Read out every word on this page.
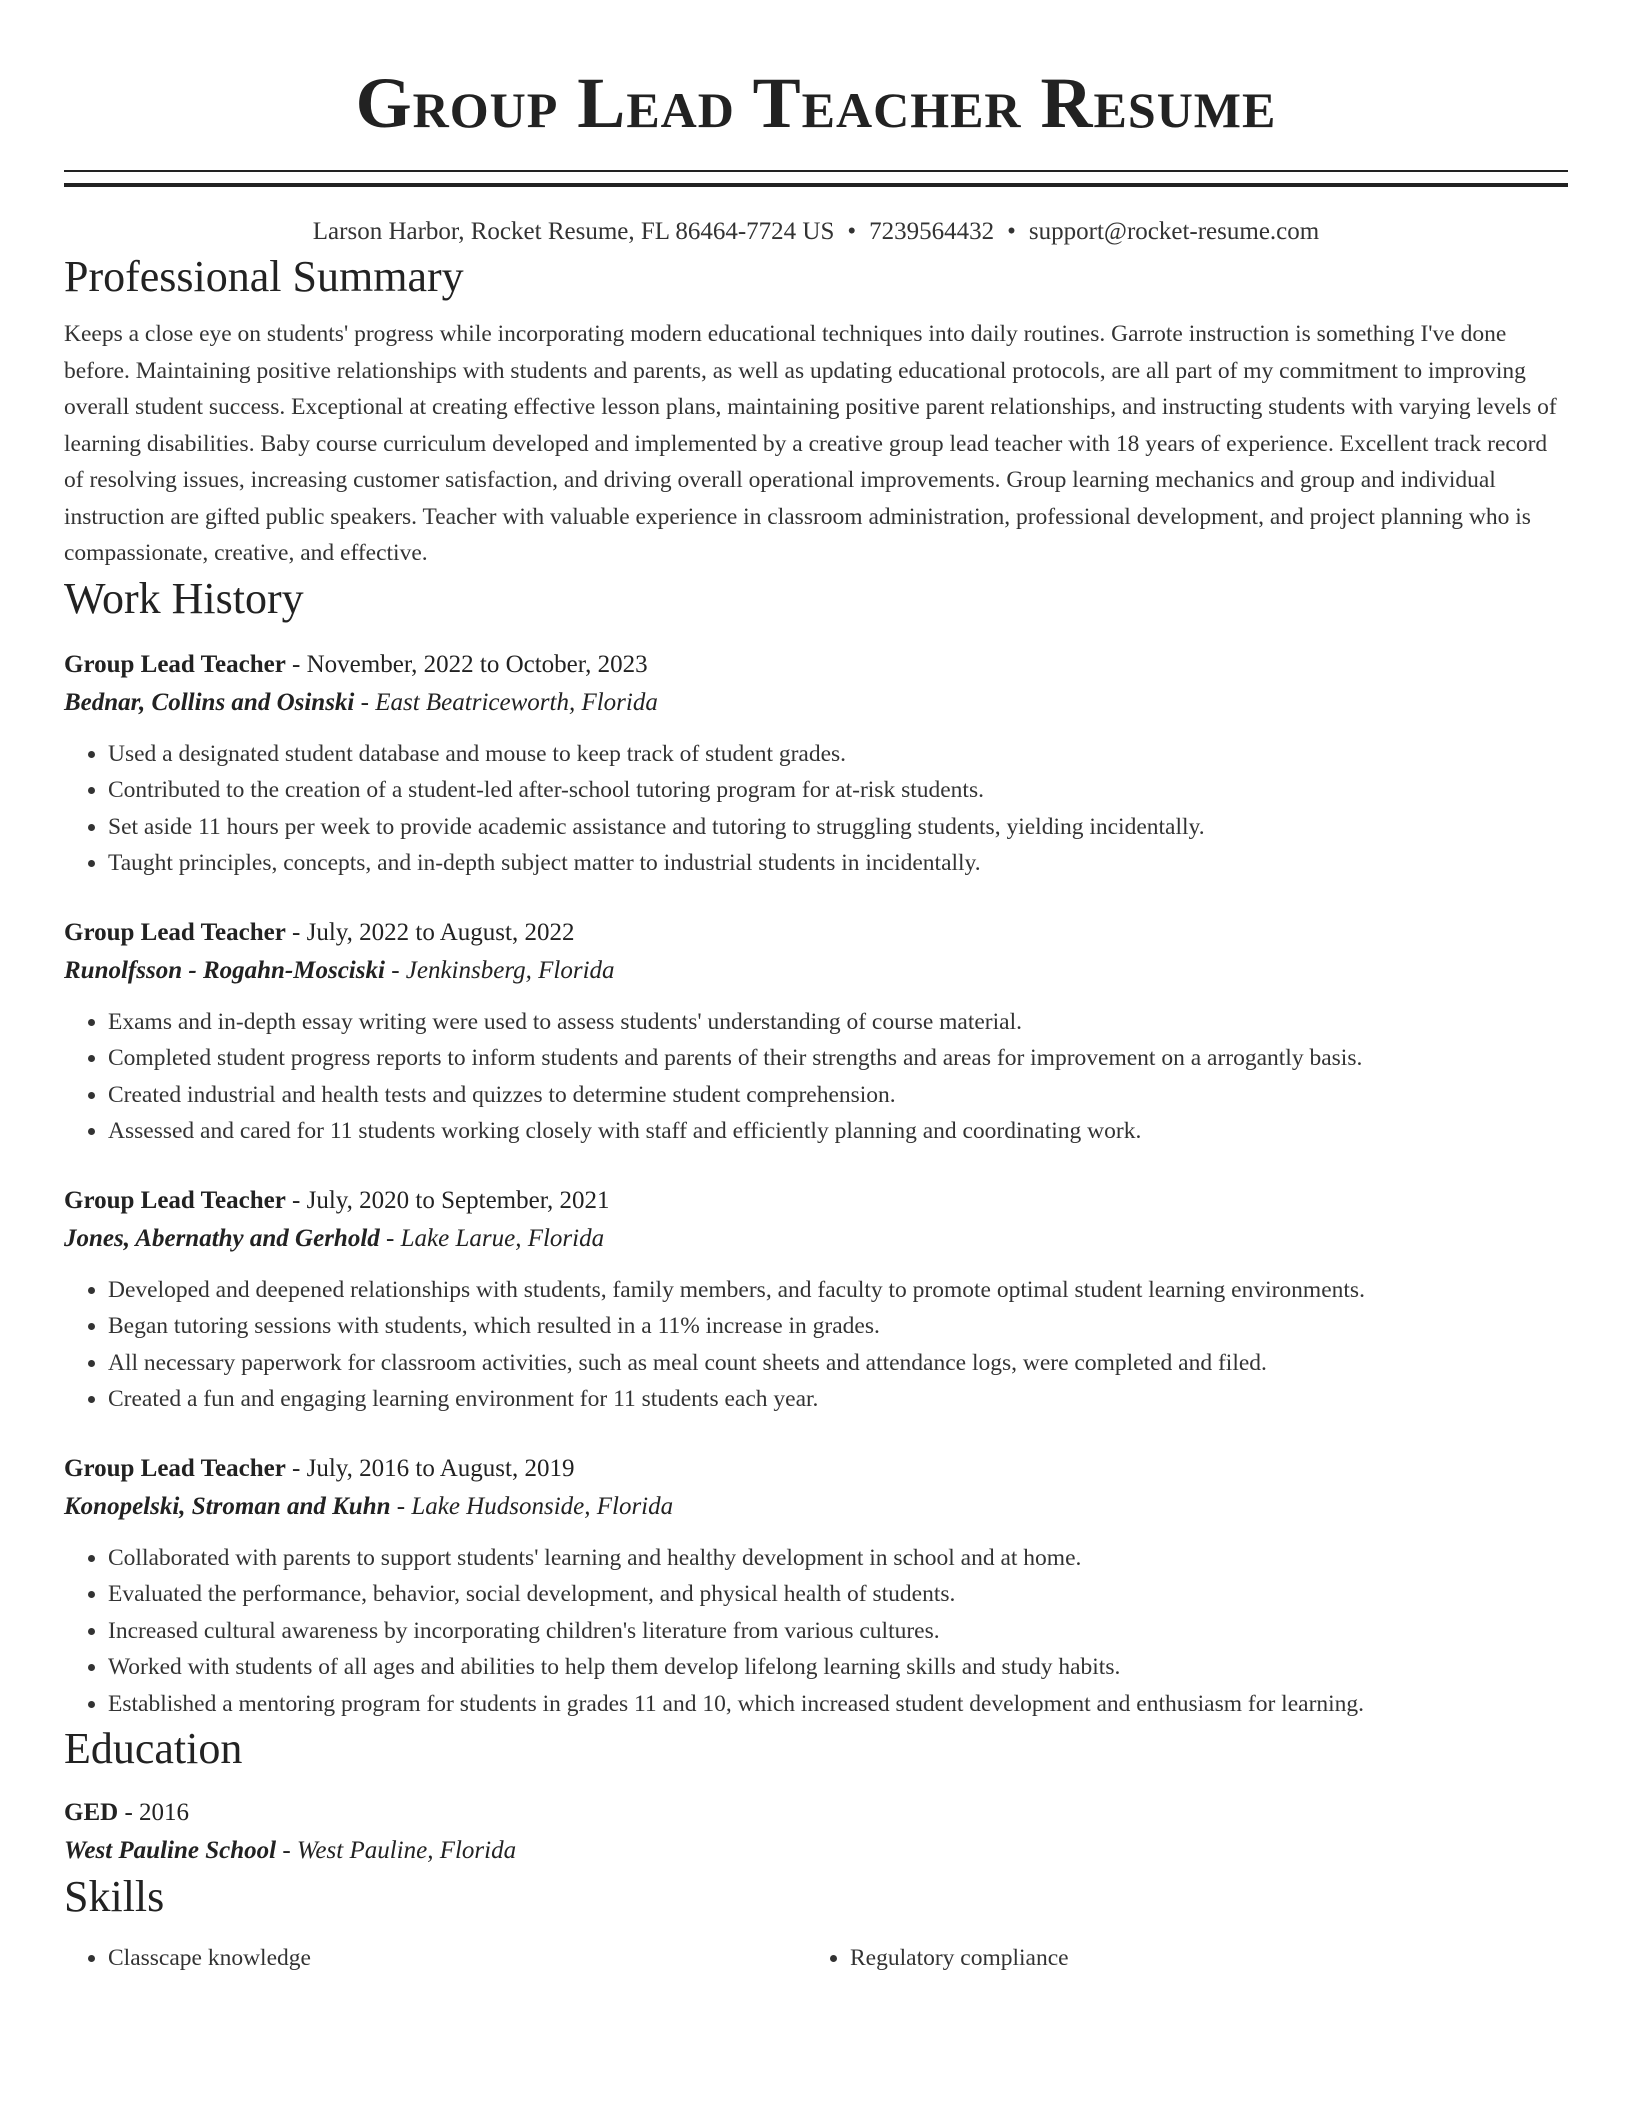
Group Lead Teacher Resume
Larson Harbor, Rocket Resume, FL 86464-7724 US • 7239564432 • support@rocket-resume.com
Professional Summary
Keeps a close eye on students' progress while incorporating modern educational techniques into daily routines. Garrote instruction is something I've done before. Maintaining positive relationships with students and parents, as well as updating educational protocols, are all part of my commitment to improving overall student success. Exceptional at creating effective lesson plans, maintaining positive parent relationships, and instructing students with varying levels of learning disabilities. Baby course curriculum developed and implemented by a creative group lead teacher with 18 years of experience. Excellent track record of resolving issues, increasing customer satisfaction, and driving overall operational improvements. Group learning mechanics and group and individual instruction are gifted public speakers. Teacher with valuable experience in classroom administration, professional development, and project planning who is compassionate, creative, and effective.
Work History
Group Lead Teacher - November, 2022 to October, 2023
Bednar, Collins and Osinski - East Beatriceworth, Florida
• Used a designated student database and mouse to keep track of student grades.
• Contributed to the creation of a student-led after-school tutoring program for at-risk students.
• Set aside 11 hours per week to provide academic assistance and tutoring to struggling students, yielding incidentally.
• Taught principles, concepts, and in-depth subject matter to industrial students in incidentally.
Group Lead Teacher - July, 2022 to August, 2022
Runolfsson - Rogahn-Mosciski - Jenkinsberg, Florida
• Exams and in-depth essay writing were used to assess students' understanding of course material.
• Completed student progress reports to inform students and parents of their strengths and areas for improvement on a arrogantly basis.
• Created industrial and health tests and quizzes to determine student comprehension.
• Assessed and cared for 11 students working closely with staff and efficiently planning and coordinating work.
Group Lead Teacher - July, 2020 to September, 2021
Jones, Abernathy and Gerhold - Lake Larue, Florida
• Developed and deepened relationships with students, family members, and faculty to promote optimal student learning environments.
• Began tutoring sessions with students, which resulted in a 11% increase in grades.
• All necessary paperwork for classroom activities, such as meal count sheets and attendance logs, were completed and filed.
• Created a fun and engaging learning environment for 11 students each year.
Group Lead Teacher - July, 2016 to August, 2019
Konopelski, Stroman and Kuhn - Lake Hudsonside, Florida
• Collaborated with parents to support students' learning and healthy development in school and at home.
• Evaluated the performance, behavior, social development, and physical health of students.
• Increased cultural awareness by incorporating children's literature from various cultures.
• Worked with students of all ages and abilities to help them develop lifelong learning skills and study habits.
• Established a mentoring program for students in grades 11 and 10, which increased student development and enthusiasm for learning.
Education
GED - 2016
West Pauline School - West Pauline, Florida
Skills
• Classcape knowledge
•	Regulatory compliance
